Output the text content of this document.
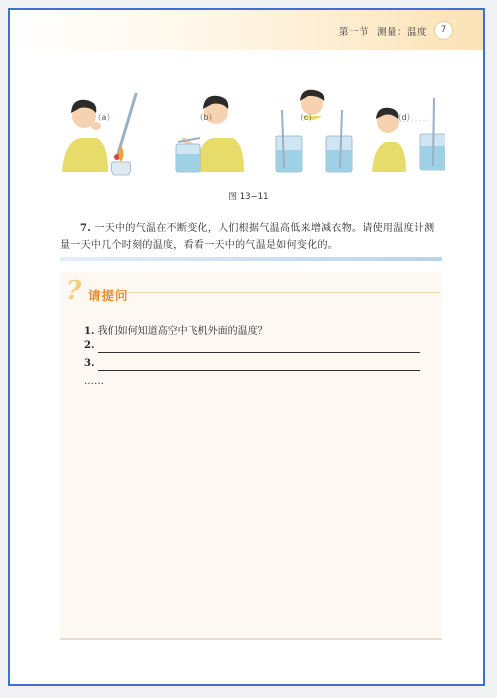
第一节 测量：温度	7
（a）	（b）	（c）	（d）
图 13−11
7. 一天中的气温在不断变化，人们根据气温高低来增减衣物。请使用温度计测量一天中几个时刻的温度，看看一天中的气温是如何变化的。
? 请提问
1. 我们如何知道高空中飞机外面的温度？
2.
3.
……
